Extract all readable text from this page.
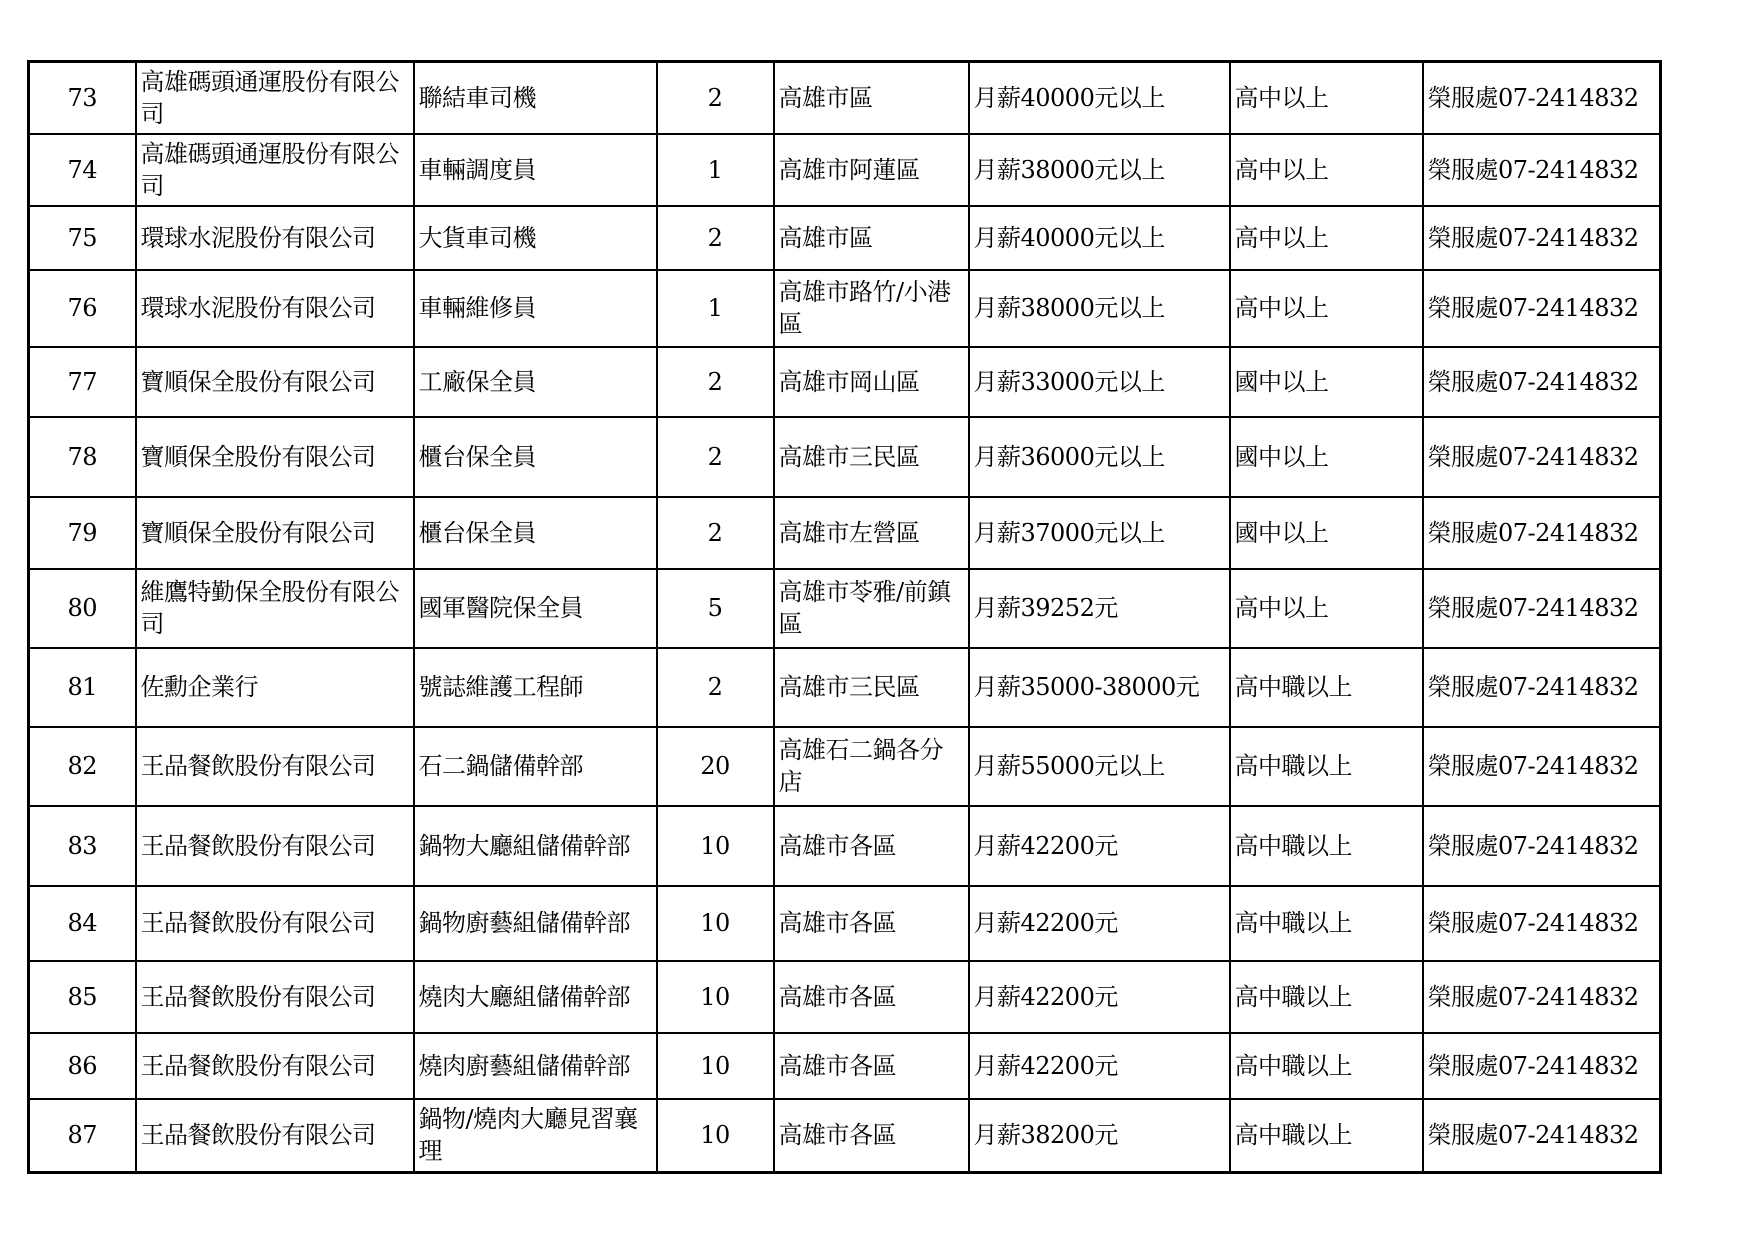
73	高雄碼頭通運股份有限公司	聯結車司機	2	高雄市區	月薪40000元以上	高中以上	榮服處07-2414832
74	高雄碼頭通運股份有限公司	車輛調度員	1	高雄市阿蓮區	月薪38000元以上	高中以上	榮服處07-2414832
75	環球水泥股份有限公司	大貨車司機	2	高雄市區	月薪40000元以上	高中以上	榮服處07-2414832
76	環球水泥股份有限公司	車輛維修員	1	高雄市路竹/小港區	月薪38000元以上	高中以上	榮服處07-2414832
77	寶順保全股份有限公司	工廠保全員	2	高雄市岡山區	月薪33000元以上	國中以上	榮服處07-2414832
78	寶順保全股份有限公司	櫃台保全員	2	高雄市三民區	月薪36000元以上	國中以上	榮服處07-2414832
79	寶順保全股份有限公司	櫃台保全員	2	高雄市左營區	月薪37000元以上	國中以上	榮服處07-2414832
80	維鷹特勤保全股份有限公司	國軍醫院保全員	5	高雄市苓雅/前鎮區	月薪39252元	高中以上	榮服處07-2414832
81	佐勳企業行	號誌維護工程師	2	高雄市三民區	月薪35000-38000元	高中職以上	榮服處07-2414832
82	王品餐飲股份有限公司	石二鍋儲備幹部	20	高雄石二鍋各分店	月薪55000元以上	高中職以上	榮服處07-2414832
83	王品餐飲股份有限公司	鍋物大廳組儲備幹部	10	高雄市各區	月薪42200元	高中職以上	榮服處07-2414832
84	王品餐飲股份有限公司	鍋物廚藝組儲備幹部	10	高雄市各區	月薪42200元	高中職以上	榮服處07-2414832
85	王品餐飲股份有限公司	燒肉大廳組儲備幹部	10	高雄市各區	月薪42200元	高中職以上	榮服處07-2414832
86	王品餐飲股份有限公司	燒肉廚藝組儲備幹部	10	高雄市各區	月薪42200元	高中職以上	榮服處07-2414832
87	王品餐飲股份有限公司	鍋物/燒肉大廳見習襄理	10	高雄市各區	月薪38200元	高中職以上	榮服處07-2414832
